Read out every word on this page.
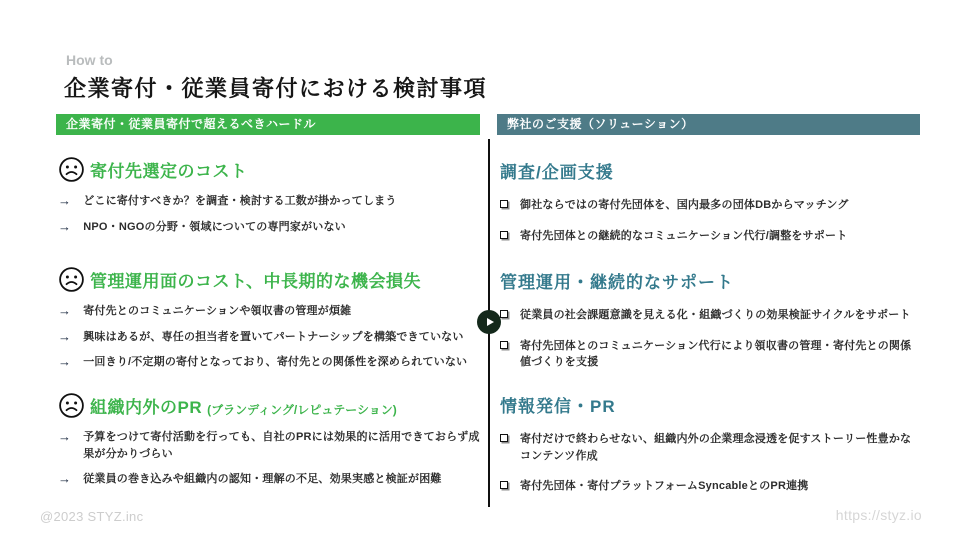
How to
企業寄付・従業員寄付における検討事項
企業寄付・従業員寄付で超えるべきハードル	弊社のご支援（ソリューション）
寄付先選定のコスト
→ どこに寄付すべきか？を調査・検討する工数が掛かってしまう
→ NPO・NGOの分野・領域についての専門家がいない
管理運用面のコスト、中長期的な機会損失
→ 寄付先とのコミュニケーションや領収書の管理が煩雑
→ 興味はあるが、専任の担当者を置いてパートナーシップを構築できていない
→ 一回きり/不定期の寄付となっており、寄付先との関係性を深められていない
組織内外のPR (ブランディング/レピュテーション)
→ 予算をつけて寄付活動を行っても、自社のPRには効果的に活用できておらず成果が分かりづらい
→ 従業員の巻き込みや組織内の認知・理解の不足、効果実感と検証が困難
調査/企画支援
御社ならではの寄付先団体を、国内最多の団体DBからマッチング
寄付先団体との継続的なコミュニケーション代行/調整をサポート
管理運用・継続的なサポート
従業員の社会課題意識を見える化・組織づくりの効果検証サイクルをサポート
寄付先団体とのコミュニケーション代行により領収書の管理・寄付先との関係値づくりを支援
情報発信・PR
寄付だけで終わらせない、組織内外の企業理念浸透を促すストーリー性豊かなコンテンツ作成
寄付先団体・寄付プラットフォームSyncableとのPR連携
@2023 STYZ.inc	https://styz.io
